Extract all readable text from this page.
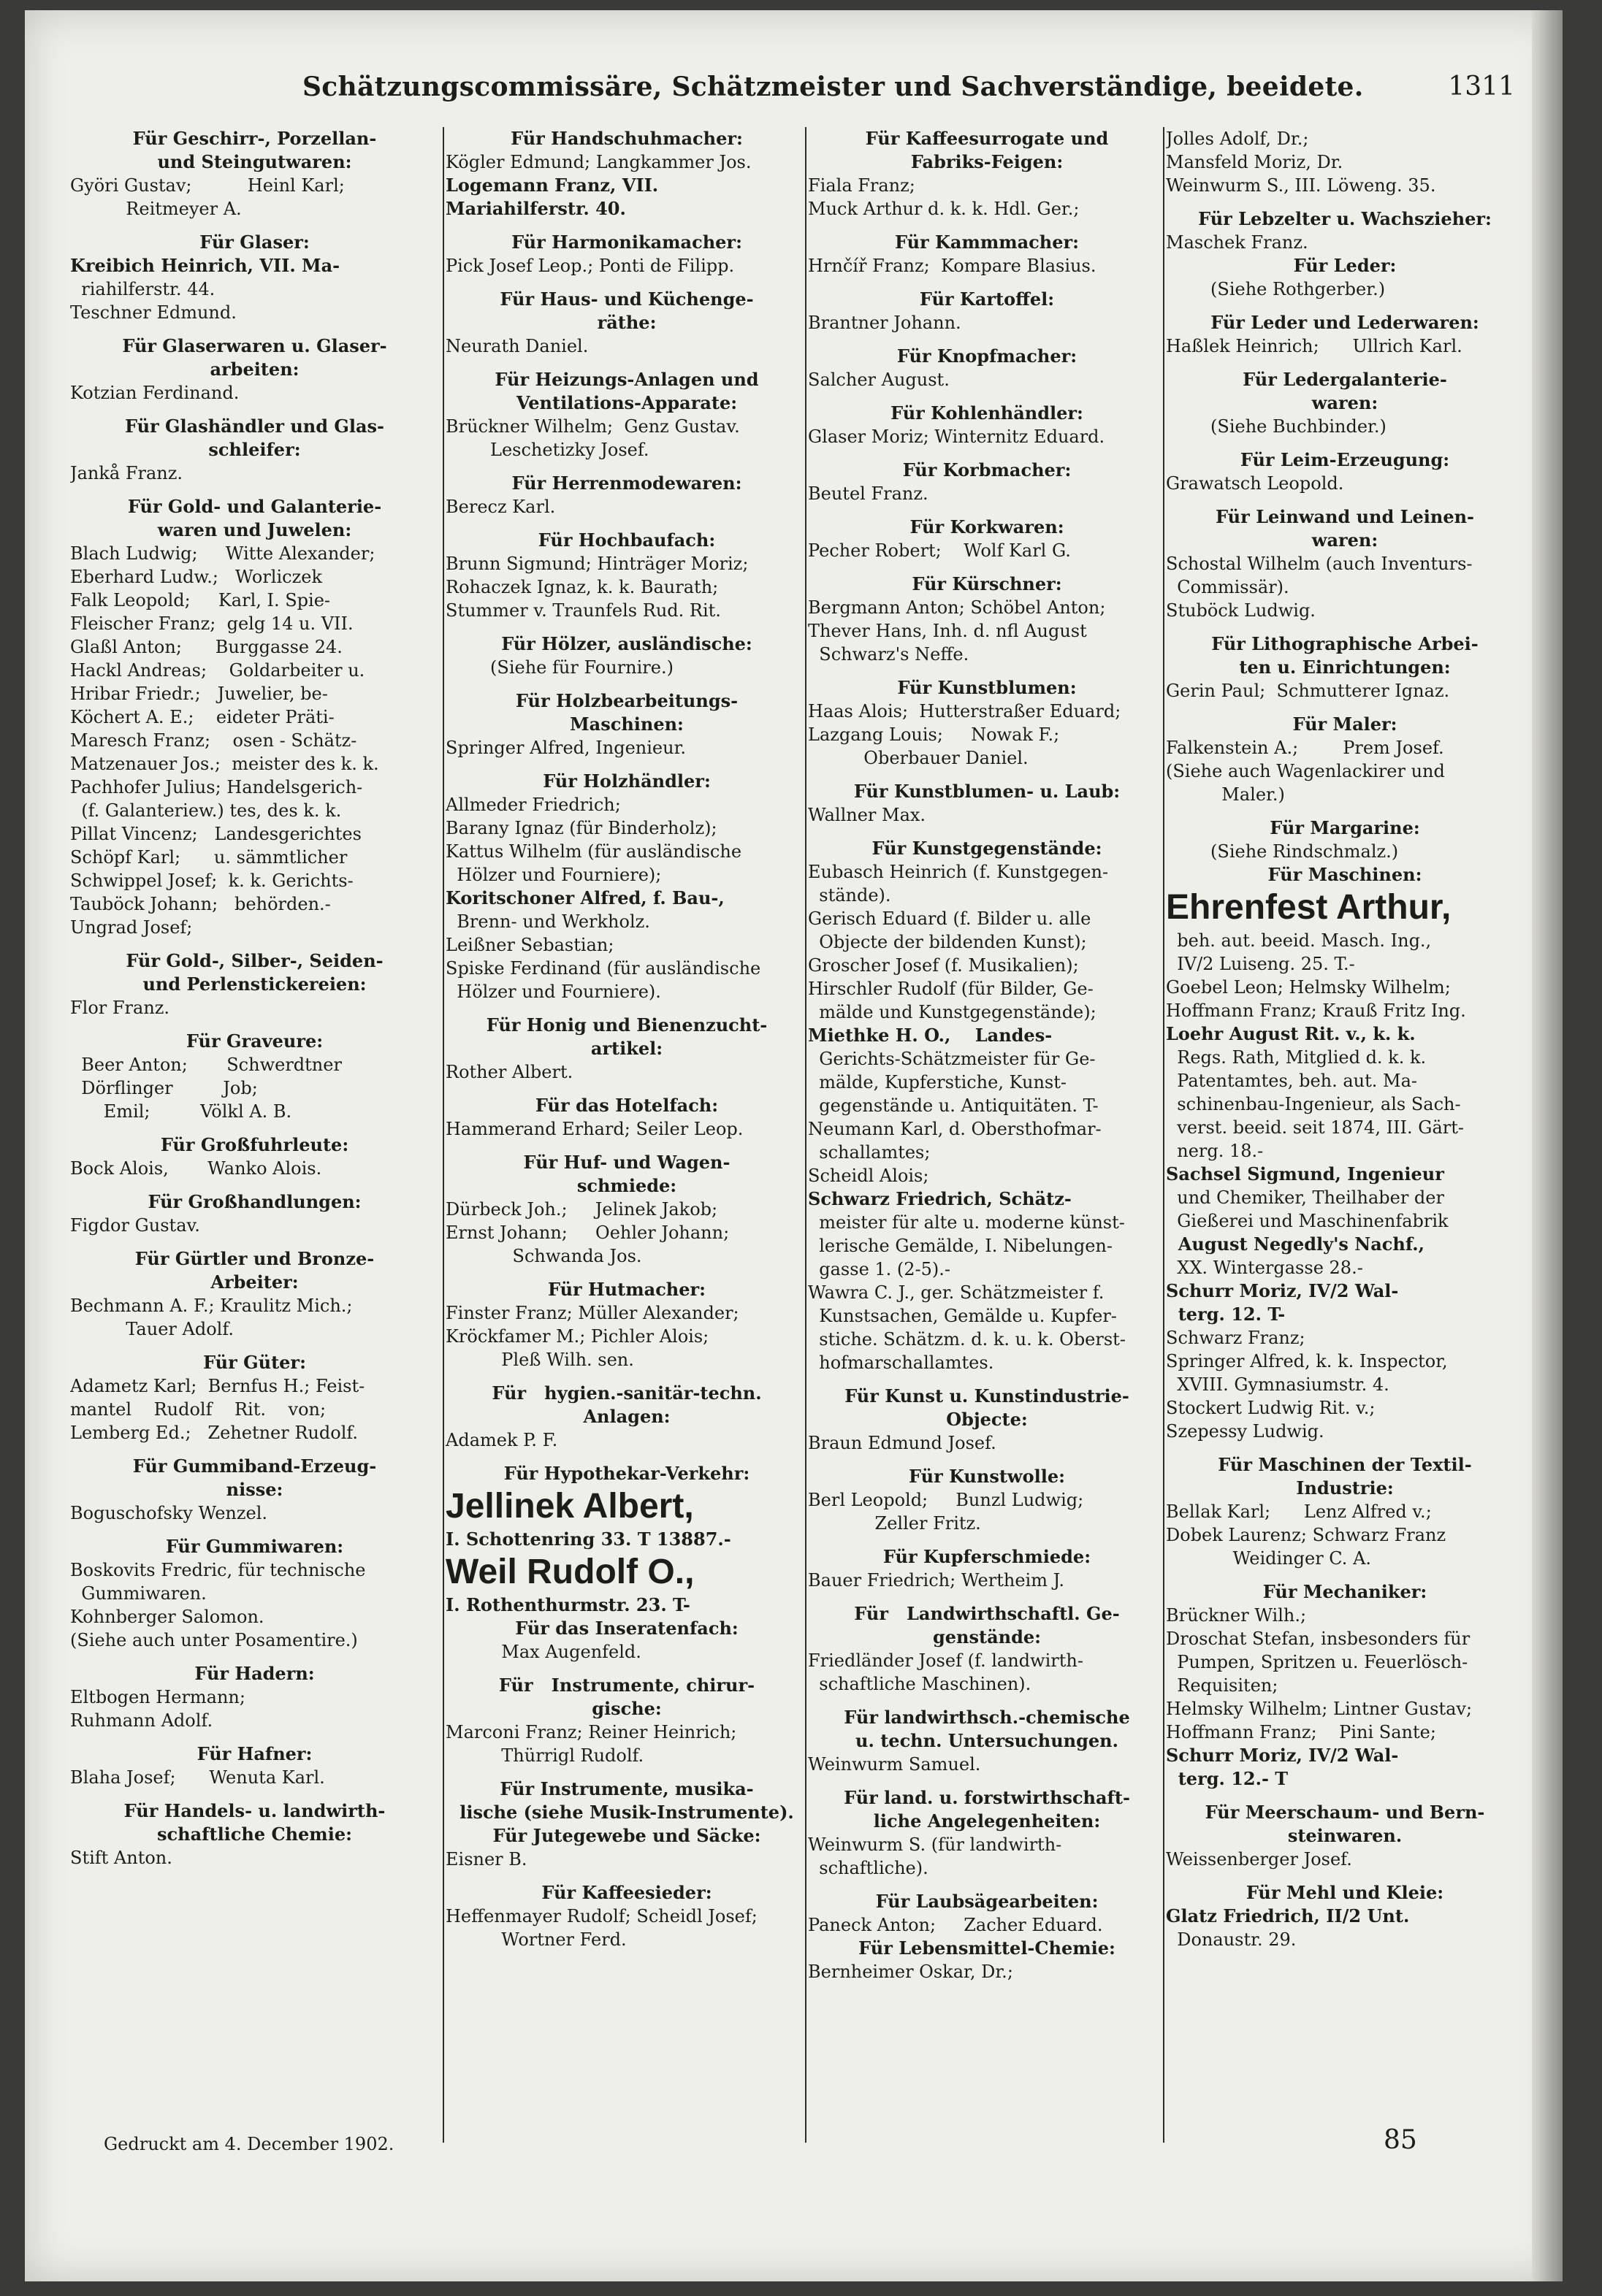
Schätzungscommissäre, Schätzmeister und Sachverständige, beeidete.	1311
Für Geschirr-, Porzellan-
und Steingutwaren:
Györi Gustav;          Heinl Karl;
Reitmeyer A.
Für Glaser:
Kreibich Heinrich, VII. Ma-
riahilferstr. 44.
Teschner Edmund.
Für Glaserwaren u. Glaser-
arbeiten:
Kotzian Ferdinand.
Für Glashändler und Glas-
schleifer:
Jankå Franz.
Für Gold- und Galanterie-
waren und Juwelen:
Blach Ludwig;     Witte Alexander;
Eberhard Ludw.;   Worliczek
Falk Leopold;     Karl, I. Spie-
Fleischer Franz;  gelg 14 u. VII.
Glaßl Anton;      Burggasse 24.
Hackl Andreas;    Goldarbeiter u.
Hribar Friedr.;   Juwelier, be-
Köchert A. E.;    eideter Präti-
Maresch Franz;    osen - Schätz-
Matzenauer Jos.;  meister des k. k.
Pachhofer Julius; Handelsgerich-
(f. Galanteriew.) tes, des k. k.
Pillat Vincenz;   Landesgerichtes
Schöpf Karl;      u. sämmtlicher
Schwippel Josef;  k. k. Gerichts-
Tauböck Johann;   behörden.-
Ungrad Josef;
Für Gold-, Silber-, Seiden-
und Perlenstickereien:
Flor Franz.
Für Graveure:
Beer Anton;       Schwerdtner
Dörflinger         Job;
Emil;         Völkl A. B.
Für Großfuhrleute:
Bock Alois,       Wanko Alois.
Für Großhandlungen:
Figdor Gustav.
Für Gürtler und Bronze-
Arbeiter:
Bechmann A. F.; Kraulitz Mich.;
Tauer Adolf.
Für Güter:
Adametz Karl;  Bernfus H.; Feist-
mantel    Rudolf    Rit.    von;
Lemberg Ed.;   Zehetner Rudolf.
Für Gummiband-Erzeug-
nisse:
Boguschofsky Wenzel.
Für Gummiwaren:
Boskovits Fredric, für technische
Gummiwaren.
Kohnberger Salomon.
(Siehe auch unter Posamentire.)
Für Hadern:
Eltbogen Hermann;
Ruhmann Adolf.
Für Hafner:
Blaha Josef;      Wenuta Karl.
Für Handels- u. landwirth-
schaftliche Chemie:
Stift Anton.
Für Handschuhmacher:
Kögler Edmund; Langkammer Jos.
Logemann Franz, VII.
Mariahilferstr. 40.
Für Harmonikamacher:
Pick Josef Leop.; Ponti de Filipp.
Für Haus- und Küchenge-
räthe:
Neurath Daniel.
Für Heizungs-Anlagen und
Ventilations-Apparate:
Brückner Wilhelm;  Genz Gustav.
Leschetizky Josef.
Für Herrenmodewaren:
Berecz Karl.
Für Hochbaufach:
Brunn Sigmund; Hinträger Moriz;
Rohaczek Ignaz, k. k. Baurath;
Stummer v. Traunfels Rud. Rit.
Für Hölzer, ausländische:
(Siehe für Fournire.)
Für Holzbearbeitungs-
Maschinen:
Springer Alfred, Ingenieur.
Für Holzhändler:
Allmeder Friedrich;
Barany Ignaz (für Binderholz);
Kattus Wilhelm (für ausländische
Hölzer und Fourniere);
Koritschoner Alfred, f. Bau-,
Brenn- und Werkholz.
Leißner Sebastian;
Spiske Ferdinand (für ausländische
Hölzer und Fourniere).
Für Honig und Bienenzucht-
artikel:
Rother Albert.
Für das Hotelfach:
Hammerand Erhard; Seiler Leop.
Für Huf- und Wagen-
schmiede:
Dürbeck Joh.;     Jelinek Jakob;
Ernst Johann;     Oehler Johann;
Schwanda Jos.
Für Hutmacher:
Finster Franz; Müller Alexander;
Kröckfamer M.; Pichler Alois;
Pleß Wilh. sen.
Für   hygien.-sanitär-techn.
Anlagen:
Adamek P. F.
Für Hypothekar-Verkehr:
Jellinek Albert,
I. Schottenring 33. T 13887.-
Weil Rudolf O.,
I. Rothenthurmstr. 23. T-
Für das Inseratenfach:
Max Augenfeld.
Für   Instrumente, chirur-
gische:
Marconi Franz; Reiner Heinrich;
Thürrigl Rudolf.
Für Instrumente, musika-
lische (siehe Musik-Instrumente).
Für Jutegewebe und Säcke:
Eisner B.
Für Kaffeesieder:
Heffenmayer Rudolf; Scheidl Josef;
Wortner Ferd.
Für Kaffeesurrogate und
Fabriks-Feigen:
Fiala Franz;
Muck Arthur d. k. k. Hdl. Ger.;
Für Kammmacher:
Hrnčíř Franz;  Kompare Blasius.
Für Kartoffel:
Brantner Johann.
Für Knopfmacher:
Salcher August.
Für Kohlenhändler:
Glaser Moriz; Winternitz Eduard.
Für Korbmacher:
Beutel Franz.
Für Korkwaren:
Pecher Robert;    Wolf Karl G.
Für Kürschner:
Bergmann Anton; Schöbel Anton;
Thever Hans, Inh. d. nfl August
Schwarz's Neffe.
Für Kunstblumen:
Haas Alois;  Hutterstraßer Eduard;
Lazgang Louis;     Nowak F.;
Oberbauer Daniel.
Für Kunstblumen- u. Laub:
Wallner Max.
Für Kunstgegenstände:
Eubasch Heinrich (f. Kunstgegen-
stände).
Gerisch Eduard (f. Bilder u. alle
Objecte der bildenden Kunst);
Groscher Josef (f. Musikalien);
Hirschler Rudolf (für Bilder, Ge-
mälde und Kunstgegenstände);
Miethke H. O.,    Landes-
Gerichts-Schätzmeister für Ge-
mälde, Kupferstiche, Kunst-
gegenstände u. Antiquitäten. T-
Neumann Karl, d. Obersthofmar-
schallamtes;
Scheidl Alois;
Schwarz Friedrich, Schätz-
meister für alte u. moderne künst-
lerische Gemälde, I. Nibelungen-
gasse 1. (2-5).-
Wawra C. J., ger. Schätzmeister f.
Kunstsachen, Gemälde u. Kupfer-
stiche. Schätzm. d. k. u. k. Oberst-
hofmarschallamtes.
Für Kunst u. Kunstindustrie-
Objecte:
Braun Edmund Josef.
Für Kunstwolle:
Berl Leopold;     Bunzl Ludwig;
Zeller Fritz.
Für Kupferschmiede:
Bauer Friedrich; Wertheim J.
Für   Landwirthschaftl. Ge-
genstände:
Friedländer Josef (f. landwirth-
schaftliche Maschinen).
Für landwirthsch.-chemische
u. techn. Untersuchungen.
Weinwurm Samuel.
Für land. u. forstwirthschaft-
liche Angelegenheiten:
Weinwurm S. (für landwirth-
schaftliche).
Für Laubsägearbeiten:
Paneck Anton;     Zacher Eduard.
Für Lebensmittel-Chemie:
Bernheimer Oskar, Dr.;
Jolles Adolf, Dr.;
Mansfeld Moriz, Dr.
Weinwurm S., III. Löweng. 35.
Für Lebzelter u. Wachszieher:
Maschek Franz.
Für Leder:
(Siehe Rothgerber.)
Für Leder und Lederwaren:
Haßlek Heinrich;      Ullrich Karl.
Für Ledergalanterie-
waren:
(Siehe Buchbinder.)
Für Leim-Erzeugung:
Grawatsch Leopold.
Für Leinwand und Leinen-
waren:
Schostal Wilhelm (auch Inventurs-
Commissär).
Stuböck Ludwig.
Für Lithographische Arbei-
ten u. Einrichtungen:
Gerin Paul;  Schmutterer Ignaz.
Für Maler:
Falkenstein A.;        Prem Josef.
(Siehe auch Wagenlackirer und
Maler.)
Für Margarine:
(Siehe Rindschmalz.)
Für Maschinen:
Ehrenfest Arthur,
beh. aut. beeid. Masch. Ing.,
IV/2 Luiseng. 25. T.-
Goebel Leon; Helmsky Wilhelm;
Hoffmann Franz; Krauß Fritz Ing.
Loehr August Rit. v., k. k.
Regs. Rath, Mitglied d. k. k.
Patentamtes, beh. aut. Ma-
schinenbau-Ingenieur, als Sach-
verst. beeid. seit 1874, III. Gärt-
nerg. 18.-
Sachsel Sigmund, Ingenieur
und Chemiker, Theilhaber der
Gießerei und Maschinenfabrik
August Negedly's Nachf.,
XX. Wintergasse 28.-
Schurr Moriz, IV/2 Wal-
terg. 12. T-
Schwarz Franz;
Springer Alfred, k. k. Inspector,
XVIII. Gymnasiumstr. 4.
Stockert Ludwig Rit. v.;
Szepessy Ludwig.
Für Maschinen der Textil-
Industrie:
Bellak Karl;      Lenz Alfred v.;
Dobek Laurenz; Schwarz Franz
Weidinger C. A.
Für Mechaniker:
Brückner Wilh.;
Droschat Stefan, insbesonders für
Pumpen, Spritzen u. Feuerlösch-
Requisiten;
Helmsky Wilhelm; Lintner Gustav;
Hoffmann Franz;    Pini Sante;
Schurr Moriz, IV/2 Wal-
terg. 12.- T
Für Meerschaum- und Bern-
steinwaren.
Weissenberger Josef.
Für Mehl und Kleie:
Glatz Friedrich, II/2 Unt.
Donaustr. 29.
Gedruckt am 4. December 1902.	85
